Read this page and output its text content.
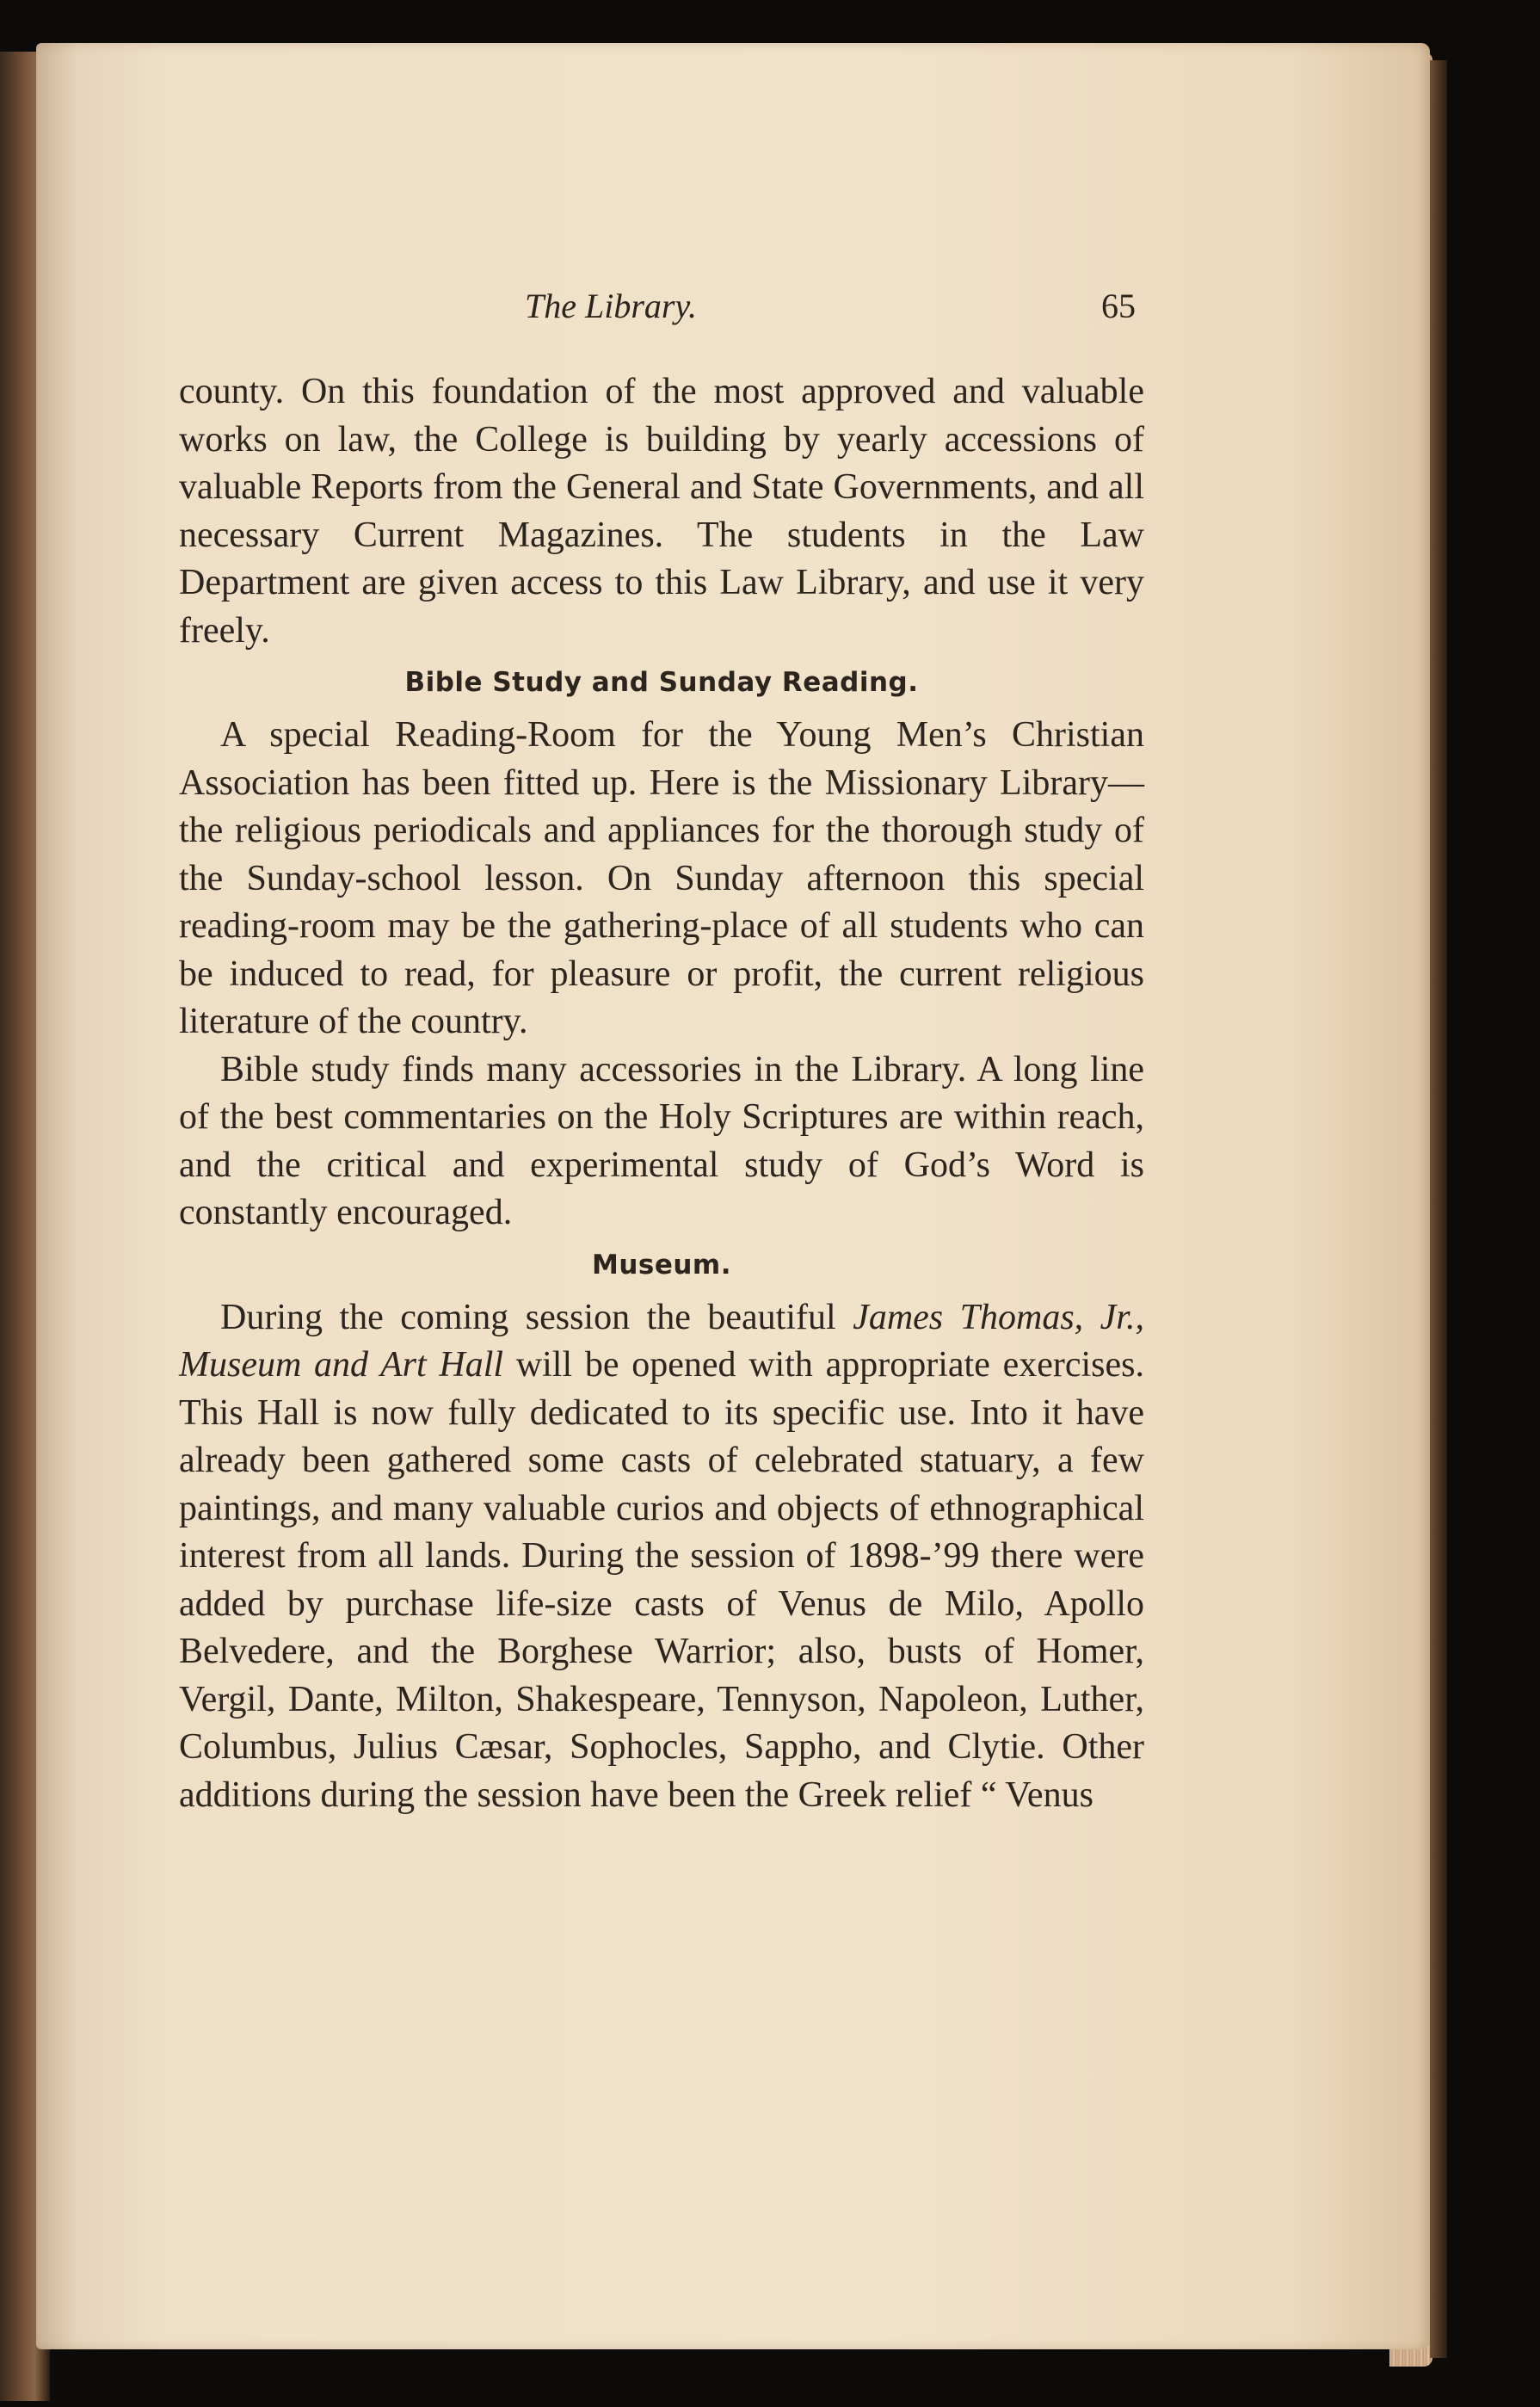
The Library.	65

county. On this foundation of the most approved and valuable works on law, the College is building by yearly accessions of valuable Reports from the General and State Governments, and all necessary Current Magazines. The students in the Law Department are given access to this Law Library, and use it very freely.

Bible Study and Sunday Reading.

A special Reading-Room for the Young Men’s Christian Association has been fitted up. Here is the Missionary Library—the religious periodicals and appliances for the thorough study of the Sunday-school lesson. On Sunday afternoon this special reading-room may be the gathering-place of all students who can be induced to read, for pleasure or profit, the current religious literature of the country.

Bible study finds many accessories in the Library. A long line of the best commentaries on the Holy Scriptures are within reach, and the critical and experimental study of God’s Word is constantly encouraged.

Museum.

During the coming session the beautiful James Thomas, Jr., Museum and Art Hall will be opened with appropriate exercises. This Hall is now fully dedicated to its specific use. Into it have already been gathered some casts of celebrated statuary, a few paintings, and many valuable curios and objects of ethnographical interest from all lands. During the session of 1898-’99 there were added by purchase life-size casts of Venus de Milo, Apollo Belvedere, and the Borghese Warrior; also, busts of Homer, Vergil, Dante, Milton, Shakespeare, Tennyson, Napoleon, Luther, Columbus, Julius Cæsar, Sophocles, Sappho, and Clytie. Other additions during the session have been the Greek relief “ Venus
